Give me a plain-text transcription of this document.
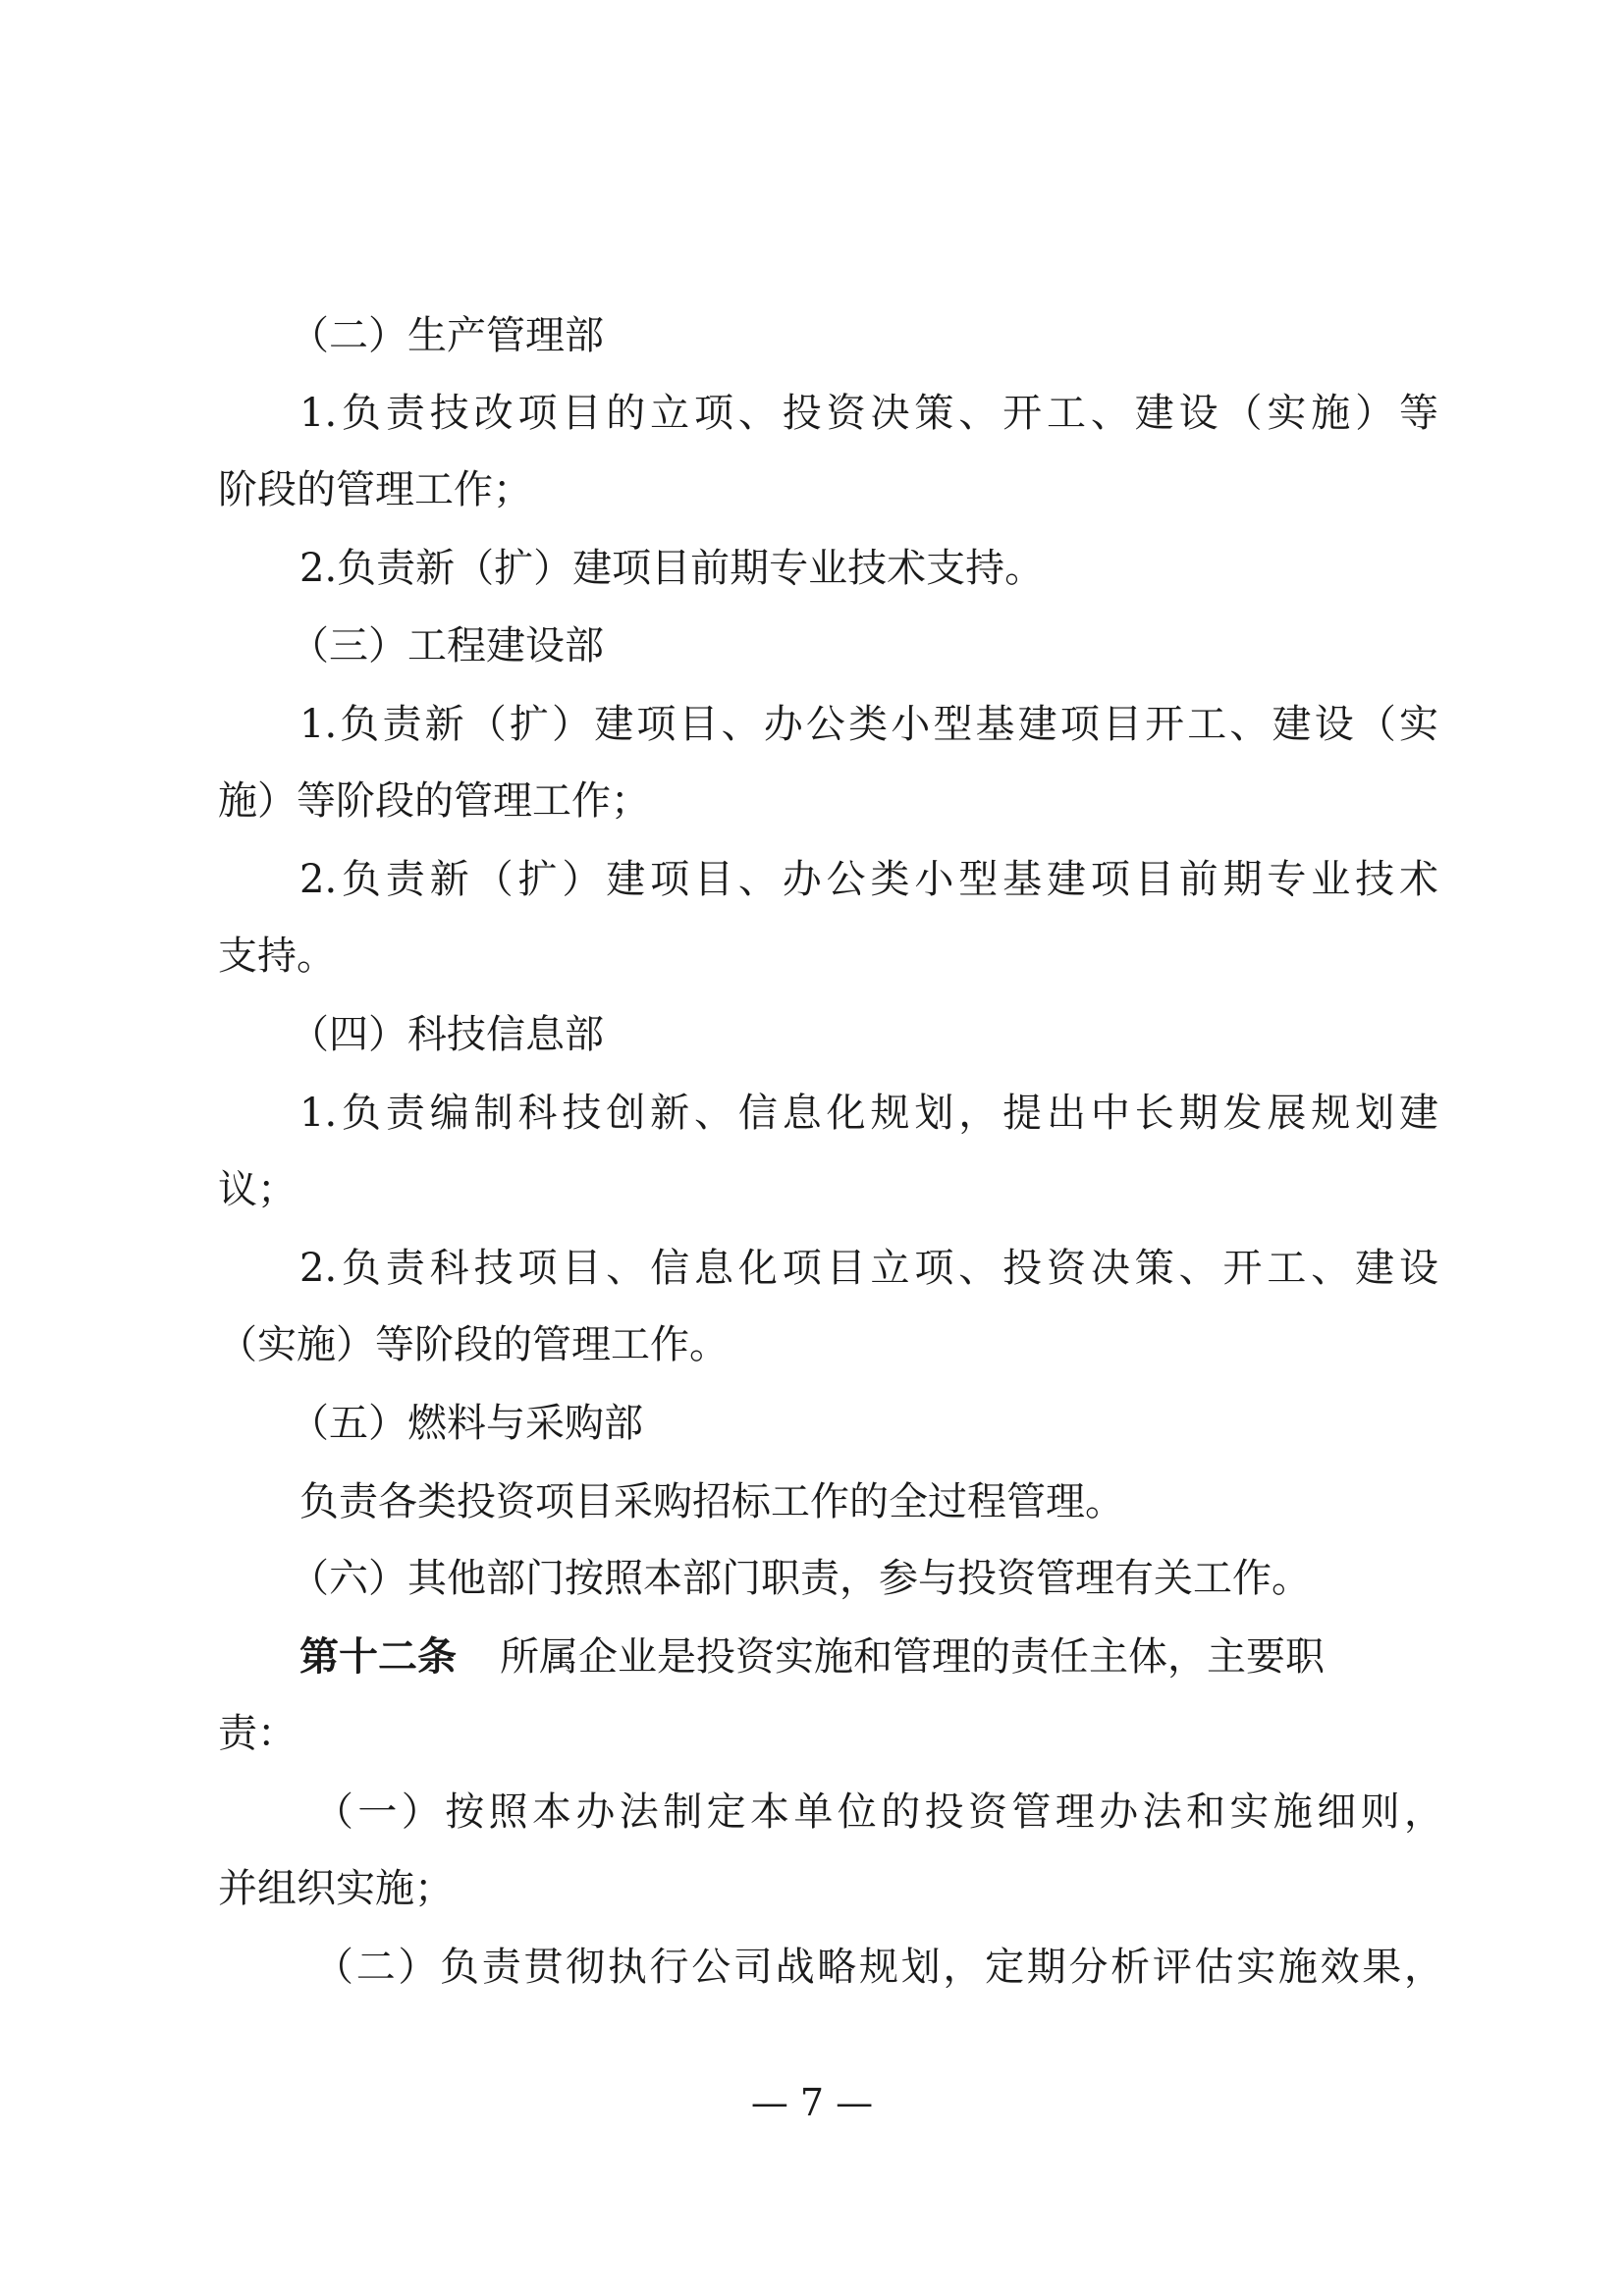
（二）生产管理部
1.负责技改项目的立项、投资决策、开工、建设（实施）等
阶段的管理工作；
2.负责新（扩）建项目前期专业技术支持。
（三）工程建设部
1.负责新（扩）建项目、办公类小型基建项目开工、建设（实
施）等阶段的管理工作；
2.负责新（扩）建项目、办公类小型基建项目前期专业技术
支持。
（四）科技信息部
1.负责编制科技创新、信息化规划，提出中长期发展规划建
议；
2.负责科技项目、信息化项目立项、投资决策、开工、建设
（实施）等阶段的管理工作。
（五）燃料与采购部
负责各类投资项目采购招标工作的全过程管理。
（六）其他部门按照本部门职责，参与投资管理有关工作。
第十二条 所属企业是投资实施和管理的责任主体，主要职
责：
（一）按照本办法制定本单位的投资管理办法和实施细则，
并组织实施；
（二）负责贯彻执行公司战略规划，定期分析评估实施效果，
— 7 —
